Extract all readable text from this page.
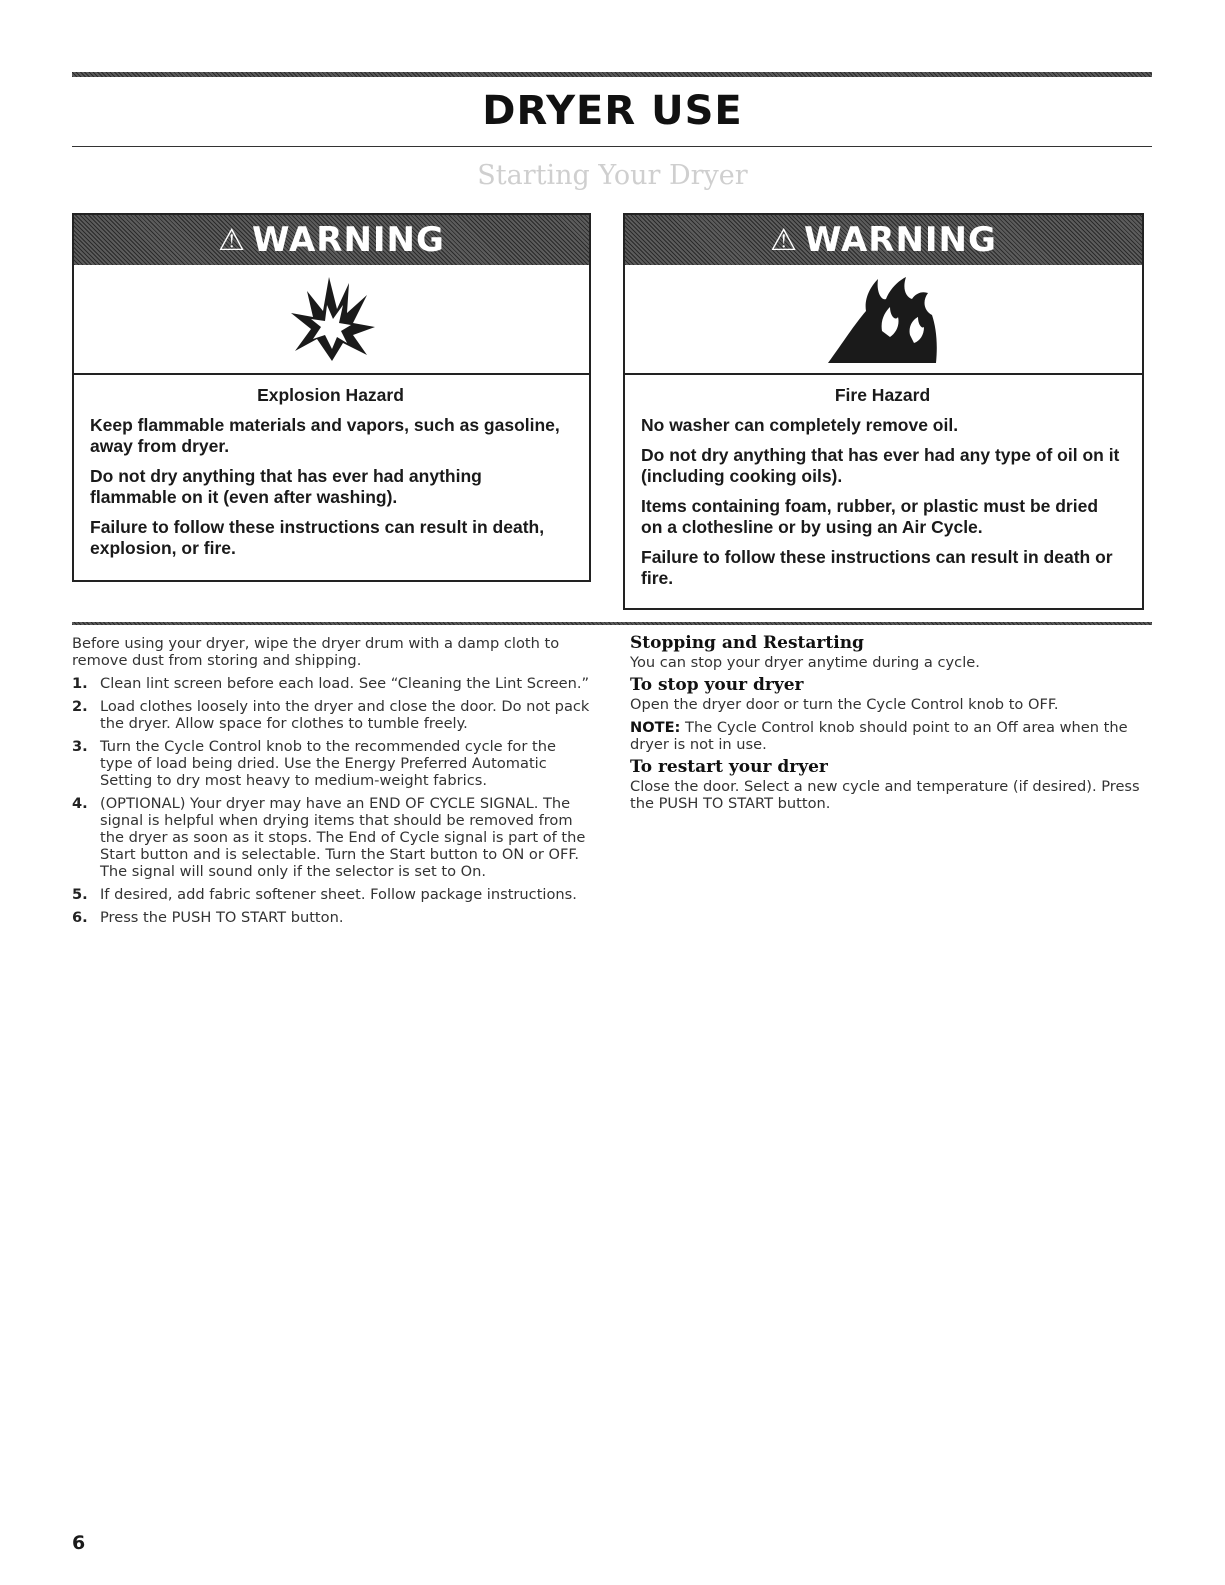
DRYER USE
Starting Your Dryer
⚠ WARNING
Explosion Hazard

Keep flammable materials and vapors, such as gasoline, away from dryer.

Do not dry anything that has ever had anything flammable on it (even after washing).

Failure to follow these instructions can result in death, explosion, or fire.

⚠ WARNING
Fire Hazard

No washer can completely remove oil.

Do not dry anything that has ever had any type of oil on it (including cooking oils).

Items containing foam, rubber, or plastic must be dried on a clothesline or by using an Air Cycle.

Failure to follow these instructions can result in death or fire.

Before using your dryer, wipe the dryer drum with a damp cloth to remove dust from storing and shipping.

1. Clean lint screen before each load. See “Cleaning the Lint Screen.”
2. Load clothes loosely into the dryer and close the door. Do not pack the dryer. Allow space for clothes to tumble freely.
3. Turn the Cycle Control knob to the recommended cycle for the type of load being dried. Use the Energy Preferred Automatic Setting to dry most heavy to medium-weight fabrics.
4. (OPTIONAL) Your dryer may have an END OF CYCLE SIGNAL. The signal is helpful when drying items that should be removed from the dryer as soon as it stops. The End of Cycle signal is part of the Start button and is selectable. Turn the Start button to ON or OFF. The signal will sound only if the selector is set to On.
5. If desired, add fabric softener sheet. Follow package instructions.
6. Press the PUSH TO START button.
Stopping and Restarting

You can stop your dryer anytime during a cycle.

To stop your dryer

Open the dryer door or turn the Cycle Control knob to OFF.

NOTE: The Cycle Control knob should point to an Off area when the dryer is not in use.

To restart your dryer

Close the door. Select a new cycle and temperature (if desired). Press the PUSH TO START button.

6
